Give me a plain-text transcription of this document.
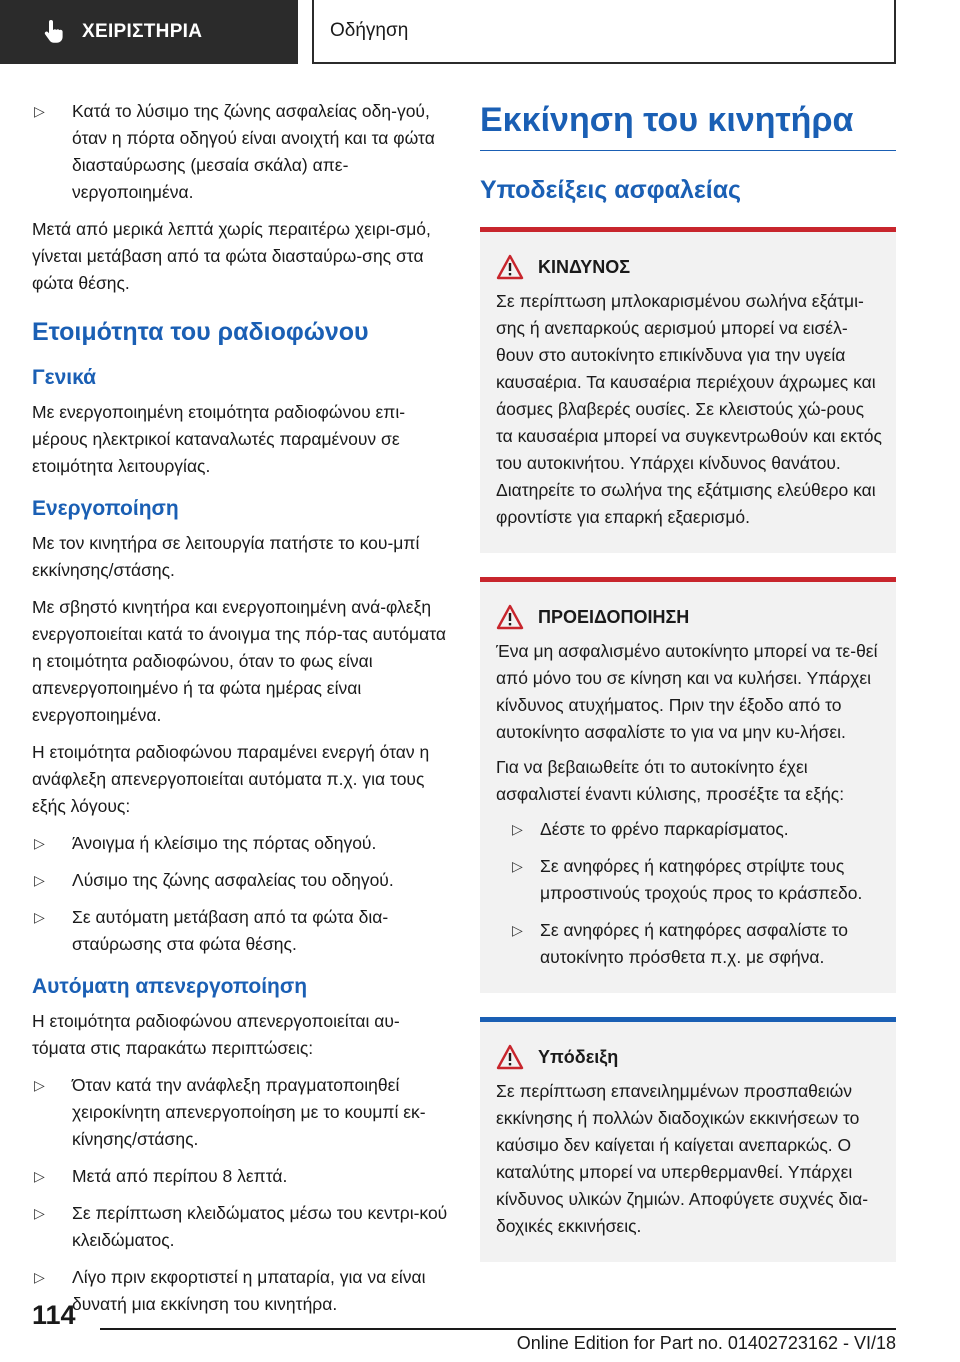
ΧΕΙΡΙΣΤΗΡΙΑ	Οδήγηση
▷	Κατά το λύσιμο της ζώνης ασφαλείας οδη-γού, όταν η πόρτα οδηγού είναι ανοιχτή και τα φώτα διασταύρωσης (μεσαία σκάλα) απε-νεργοποιημένα.
Μετά από μερικά λεπτά χωρίς περαιτέρω χειρι-σμό, γίνεται μετάβαση από τα φώτα διασταύρω-σης στα φώτα θέσης.
Ετοιμότητα του ραδιοφώνου
Γενικά
Με ενεργοποιημένη ετοιμότητα ραδιοφώνου επι-μέρους ηλεκτρικοί καταναλωτές παραμένουν σε ετοιμότητα λειτουργίας.
Ενεργοποίηση
Με τον κινητήρα σε λειτουργία πατήστε το κου-μπί εκκίνησης/στάσης.
Με σβηστό κινητήρα και ενεργοποιημένη ανά-φλεξη ενεργοποιείται κατά το άνοιγμα της πόρ-τας αυτόματα η ετοιμότητα ραδιοφώνου, όταν το φως είναι απενεργοποιημένο ή τα φώτα ημέρας είναι ενεργοποιημένα.
Η ετοιμότητα ραδιοφώνου παραμένει ενεργή όταν η ανάφλεξη απενεργοποιείται αυτόματα π.χ. για τους εξής λόγους:
▷	Άνοιγμα ή κλείσιμο της πόρτας οδηγού.
▷	Λύσιμο της ζώνης ασφαλείας του οδηγού.
▷	Σε αυτόματη μετάβαση από τα φώτα δια-σταύρωσης στα φώτα θέσης.
Αυτόματη απενεργοποίηση
Η ετοιμότητα ραδιοφώνου απενεργοποιείται αυ-τόματα στις παρακάτω περιπτώσεις:
▷	Όταν κατά την ανάφλεξη πραγματοποιηθεί χειροκίνητη απενεργοποίηση με το κουμπί εκ-κίνησης/στάσης.
▷	Μετά από περίπου 8 λεπτά.
▷	Σε περίπτωση κλειδώματος μέσω του κεντρι-κού κλειδώματος.
▷	Λίγο πριν εκφορτιστεί η μπαταρία, για να είναι δυνατή μια εκκίνηση του κινητήρα.
Εκκίνηση του κινητήρα
Υποδείξεις ασφαλείας
ΚΙΝΔΥΝΟΣ
Σε περίπτωση μπλοκαρισμένου σωλήνα εξάτμι-σης ή ανεπαρκούς αερισμού μπορεί να εισέλ-θουν στο αυτοκίνητο επικίνδυνα για την υγεία καυσαέρια. Τα καυσαέρια περιέχουν άχρωμες και άοσμες βλαβερές ουσίες. Σε κλειστούς χώ-ρους τα καυσαέρια μπορεί να συγκεντρωθούν και εκτός του αυτοκινήτου. Υπάρχει κίνδυνος θανάτου. Διατηρείτε το σωλήνα της εξάτμισης ελεύθερο και φροντίστε για επαρκή εξαερισμό.
ΠΡΟΕΙΔΟΠΟΙΗΣΗ
Ένα μη ασφαλισμένο αυτοκίνητο μπορεί να τε-θεί από μόνο του σε κίνηση και να κυλήσει. Υπάρχει κίνδυνος ατυχήματος. Πριν την έξοδο από το αυτοκίνητο ασφαλίστε το για να μην κυ-λήσει.
Για να βεβαιωθείτε ότι το αυτοκίνητο έχει ασφαλιστεί έναντι κύλισης, προσέξτε τα εξής:
▷ Δέστε το φρένο παρκαρίσματος.
▷ Σε ανηφόρες ή κατηφόρες στρίψτε τους μπροστινούς τροχούς προς το κράσπεδο.
▷ Σε ανηφόρες ή κατηφόρες ασφαλίστε το αυτοκίνητο πρόσθετα π.χ. με σφήνα.
Υπόδειξη
Σε περίπτωση επανειλημμένων προσπαθειών εκκίνησης ή πολλών διαδοχικών εκκινήσεων το καύσιμο δεν καίγεται ή καίγεται ανεπαρκώς. Ο καταλύτης μπορεί να υπερθερμανθεί. Υπάρχει κίνδυνος υλικών ζημιών. Αποφύγετε συχνές δια-δοχικές εκκινήσεις.
114
Online Edition for Part no. 01402723162 - VI/18
